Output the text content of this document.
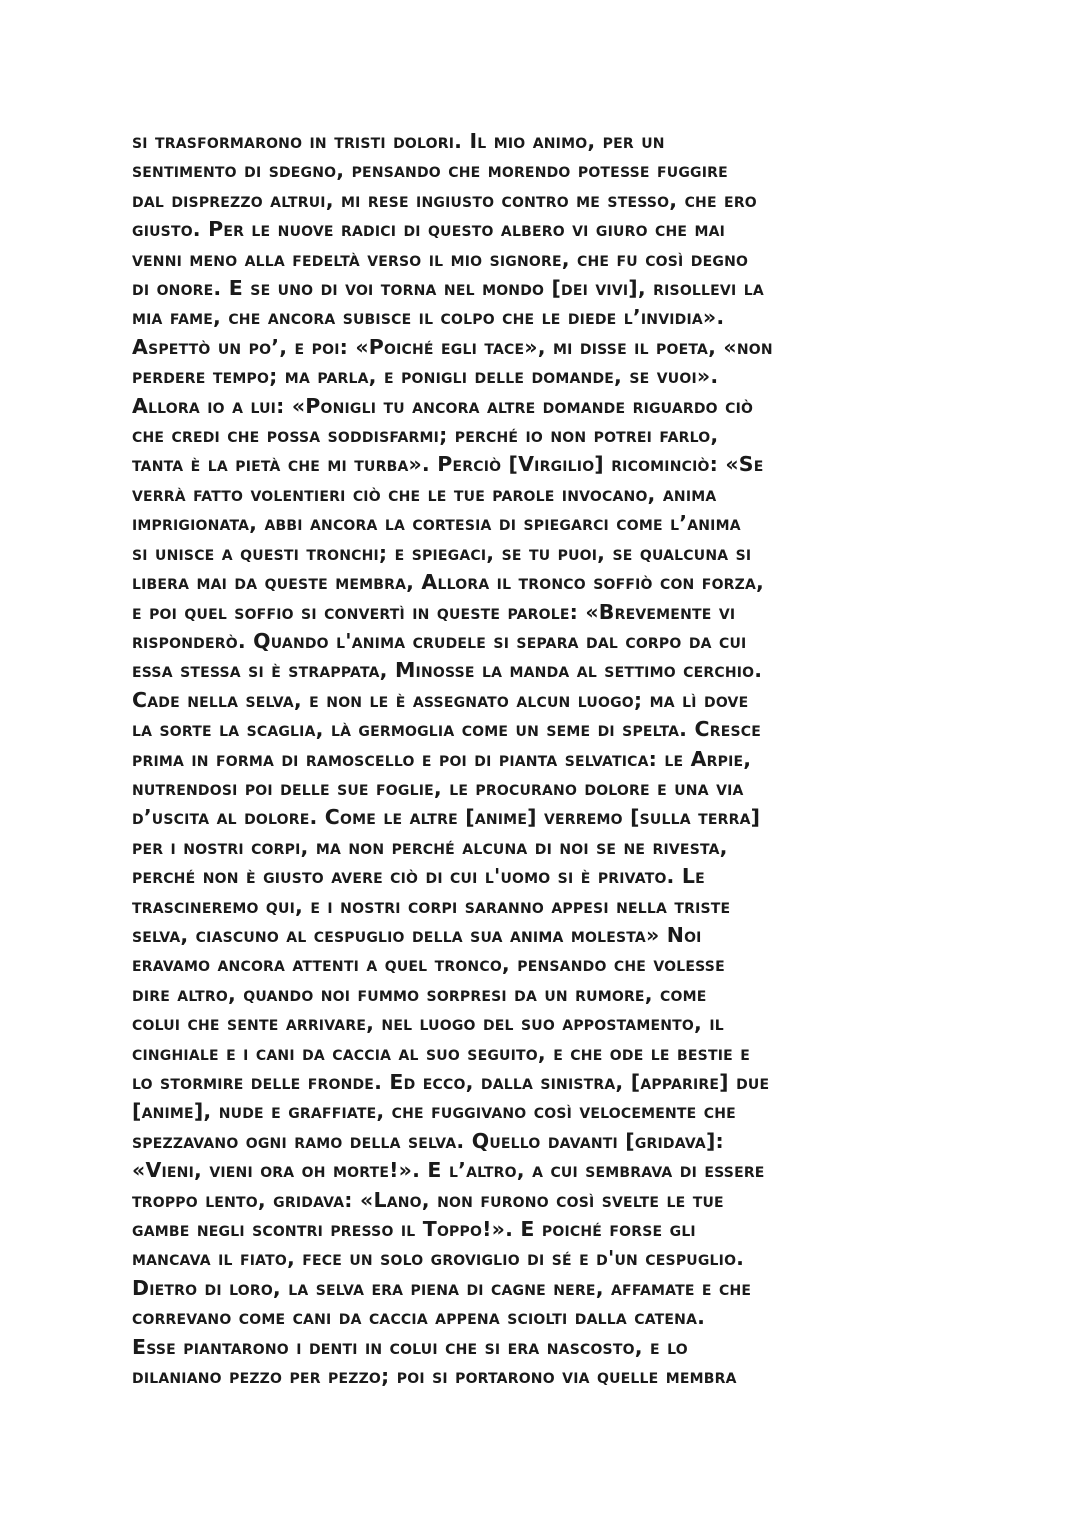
si trasformarono in tristi dolori. Il mio animo, per un
sentimento di sdegno, pensando che morendo potesse fuggire
dal disprezzo altrui, mi rese ingiusto contro me stesso, che ero
giusto. Per le nuove radici di questo albero vi giuro che mai
venni meno alla fedeltà verso il mio signore, che fu così degno
di onore. E se uno di voi torna nel mondo [dei vivi], risollevi la
mia fame, che ancora subisce il colpo che le diede l’invidia».
Aspettò un po’, e poi: «Poiché egli tace», mi disse il poeta, «non
perdere tempo; ma parla, e ponigli delle domande, se vuoi».
Allora io a lui: «Ponigli tu ancora altre domande riguardo ciò
che credi che possa soddisfarmi; perché io non potrei farlo,
tanta è la pietà che mi turba». Perciò [Virgilio] ricominciò: «Se
verrà fatto volentieri ciò che le tue parole invocano, anima
imprigionata, abbi ancora la cortesia di spiegarci come l’anima
si unisce a questi tronchi; e spiegaci, se tu puoi, se qualcuna si
libera mai da queste membra, Allora il tronco soffiò con forza,
e poi quel soffio si convertì in queste parole: «Brevemente vi
risponderò. Quando l'anima crudele si separa dal corpo da cui
essa stessa si è strappata, Minosse la manda al settimo cerchio.
Cade nella selva, e non le è assegnato alcun luogo; ma lì dove
la sorte la scaglia, là germoglia come un seme di spelta. Cresce
prima in forma di ramoscello e poi di pianta selvatica: le Arpie,
nutrendosi poi delle sue foglie, le procurano dolore e una via
d’uscita al dolore. Come le altre [anime] verremo [sulla terra]
per i nostri corpi, ma non perché alcuna di noi se ne rivesta,
perché non è giusto avere ciò di cui l'uomo si è privato. Le
trascineremo qui, e i nostri corpi saranno appesi nella triste
selva, ciascuno al cespuglio della sua anima molesta» Noi
eravamo ancora attenti a quel tronco, pensando che volesse
dire altro, quando noi fummo sorpresi da un rumore, come
colui che sente arrivare, nel luogo del suo appostamento, il
cinghiale e i cani da caccia al suo seguito, e che ode le bestie e
lo stormire delle fronde. Ed ecco, dalla sinistra, [apparire] due
[anime], nude e graffiate, che fuggivano così velocemente che
spezzavano ogni ramo della selva. Quello davanti [gridava]:
«Vieni, vieni ora oh morte!». E l’altro, a cui sembrava di essere
troppo lento, gridava: «Lano, non furono così svelte le tue
gambe negli scontri presso il Toppo!». E poiché forse gli
mancava il fiato, fece un solo groviglio di sé e d'un cespuglio.
Dietro di loro, la selva era piena di cagne nere, affamate e che
correvano come cani da caccia appena sciolti dalla catena.
Esse piantarono i denti in colui che si era nascosto, e lo
dilaniano pezzo per pezzo; poi si portarono via quelle membra
